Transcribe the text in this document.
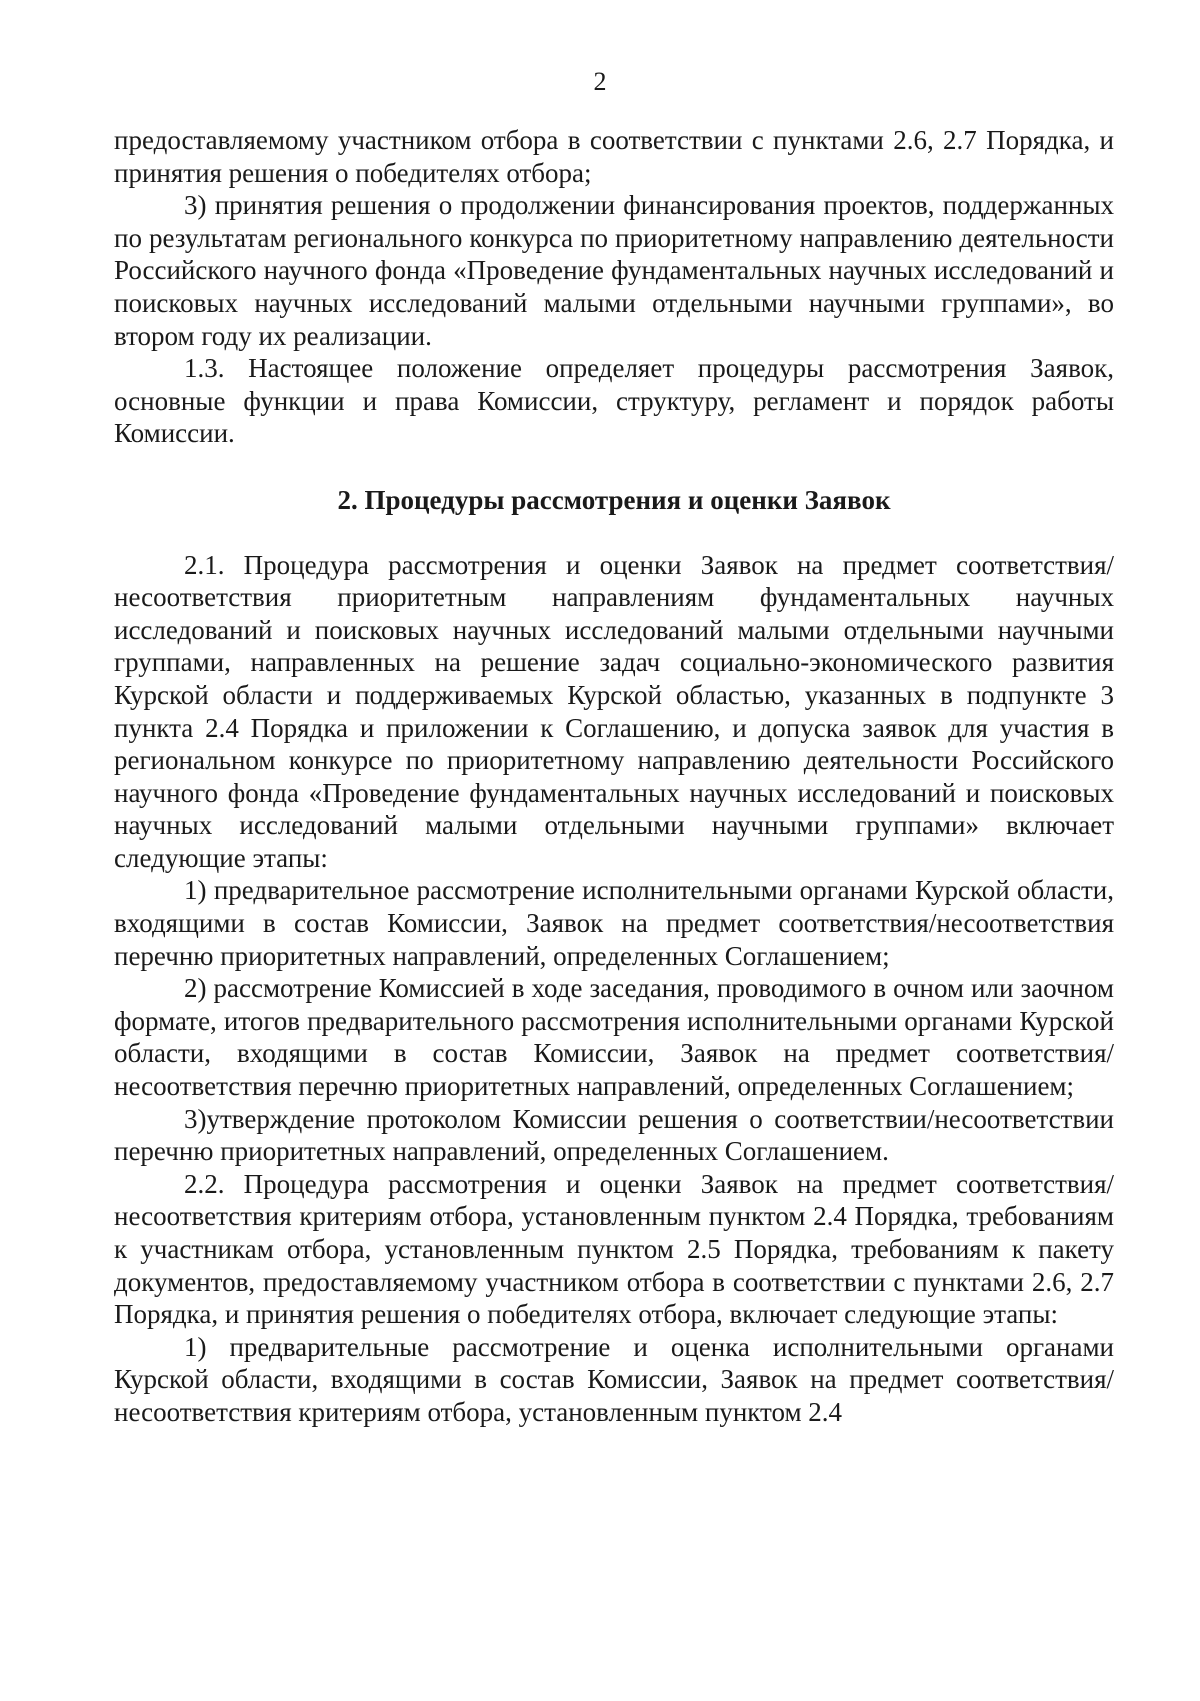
2

предоставляемому участником отбора в соответствии с пунктами 2.6, 2.7 Порядка, и принятия решения о победителях отбора;

3) принятия решения о продолжении финансирования проектов, поддержанных по результатам регионального конкурса по приоритетному направлению деятельности Российского научного фонда «Проведение фундаментальных научных исследований и поисковых научных исследований малыми отдельными научными группами», во втором году их реализации.

1.3. Настоящее положение определяет процедуры рассмотрения Заявок, основные функции и права Комиссии, структуру, регламент и порядок работы Комиссии.

2. Процедуры рассмотрения и оценки Заявок

2.1. Процедура рассмотрения и оценки Заявок на предмет соответствия/несоответствия приоритетным направлениям фундаментальных научных исследований и поисковых научных исследований малыми отдельными научными группами, направленных на решение задач социально-экономического развития Курской области и поддерживаемых Курской областью, указанных в подпункте 3 пункта 2.4 Порядка и приложении к Соглашению, и допуска заявок для участия в региональном конкурсе по приоритетному направлению деятельности Российского научного фонда «Проведение фундаментальных научных исследований и поисковых научных исследований малыми отдельными научными группами» включает следующие этапы:

1) предварительное рассмотрение исполнительными органами Курской области, входящими в состав Комиссии, Заявок на предмет соответствия/несоответствия перечню приоритетных направлений, определенных Соглашением;

2) рассмотрение Комиссией в ходе заседания, проводимого в очном или заочном формате, итогов предварительного рассмотрения исполнительными органами Курской области, входящими в состав Комиссии, Заявок на предмет соответствия/несоответствия перечню приоритетных направлений, определенных Соглашением;

3)утверждение протоколом Комиссии решения о соответствии/несоответствии перечню приоритетных направлений, определенных Соглашением.

2.2. Процедура рассмотрения и оценки Заявок на предмет соответствия/несоответствия критериям отбора, установленным пунктом 2.4 Порядка, требованиям к участникам отбора, установленным пунктом 2.5 Порядка, требованиям к пакету документов, предоставляемому участником отбора в соответствии с пунктами 2.6, 2.7 Порядка, и принятия решения о победителях отбора, включает следующие этапы:

1) предварительные рассмотрение и оценка исполнительными органами Курской области, входящими в состав Комиссии, Заявок на предмет соответствия/несоответствия критериям отбора, установленным пунктом 2.4
